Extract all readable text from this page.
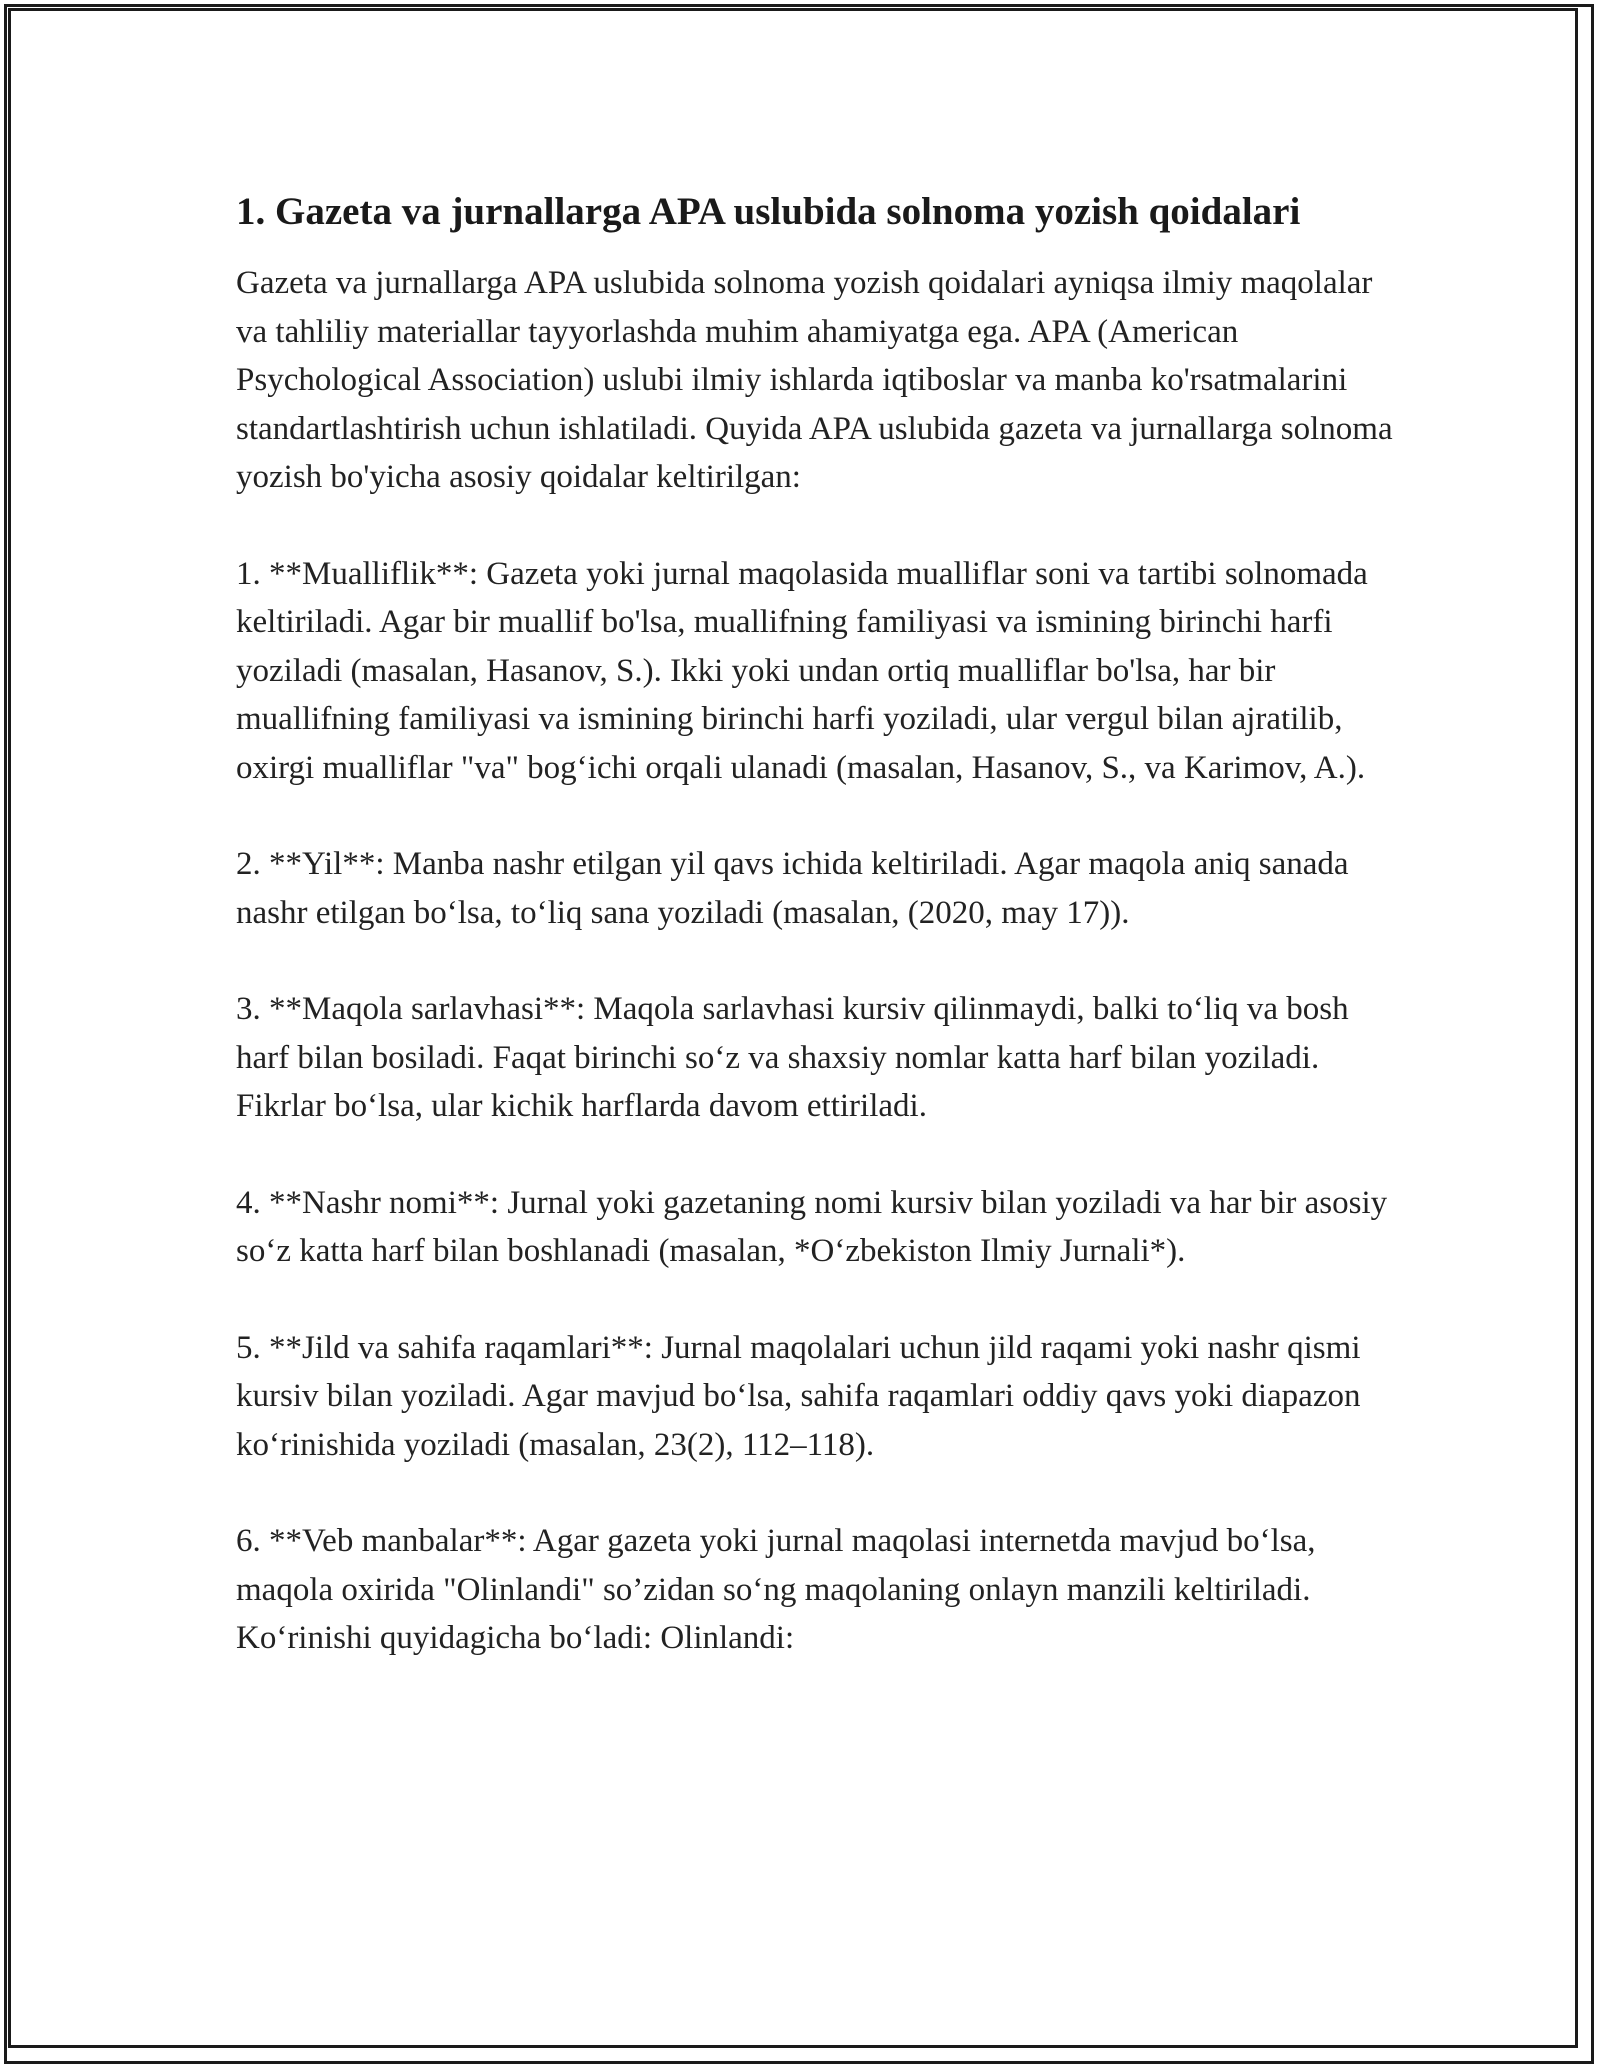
1. Gazeta va jurnallarga APA uslubida solnoma yozish qoidalari

Gazeta va jurnallarga APA uslubida solnoma yozish qoidalari ayniqsa ilmiy maqolalar va tahliliy materiallar tayyorlashda muhim ahamiyatga ega. APA (American Psychological Association) uslubi ilmiy ishlarda iqtiboslar va manba ko'rsatmalarini standartlashtirish uchun ishlatiladi. Quyida APA uslubida gazeta va jurnallarga solnoma yozish bo'yicha asosiy qoidalar keltirilgan:

1. **Mualliflik**: Gazeta yoki jurnal maqolasida mualliflar soni va tartibi solnomada keltiriladi. Agar bir muallif bo'lsa, muallifning familiyasi va ismining birinchi harfi yoziladi (masalan, Hasanov, S.). Ikki yoki undan ortiq mualliflar bo'lsa, har bir muallifning familiyasi va ismining birinchi harfi yoziladi, ular vergul bilan ajratilib, oxirgi mualliflar "va" bog‘ichi orqali ulanadi (masalan, Hasanov, S., va Karimov, A.).

2. **Yil**: Manba nashr etilgan yil qavs ichida keltiriladi. Agar maqola aniq sanada nashr etilgan bo‘lsa, to‘liq sana yoziladi (masalan, (2020, may 17)).

3. **Maqola sarlavhasi**: Maqola sarlavhasi kursiv qilinmaydi, balki to‘liq va bosh harf bilan bosiladi. Faqat birinchi so‘z va shaxsiy nomlar katta harf bilan yoziladi. Fikrlar bo‘lsa, ular kichik harflarda davom ettiriladi.

4. **Nashr nomi**: Jurnal yoki gazetaning nomi kursiv bilan yoziladi va har bir asosiy so‘z katta harf bilan boshlanadi (masalan, *O‘zbekiston Ilmiy Jurnali*).

5. **Jild va sahifa raqamlari**: Jurnal maqolalari uchun jild raqami yoki nashr qismi kursiv bilan yoziladi. Agar mavjud bo‘lsa, sahifa raqamlari oddiy qavs yoki diapazon ko‘rinishida yoziladi (masalan, 23(2), 112–118).

6. **Veb manbalar**: Agar gazeta yoki jurnal maqolasi internetda mavjud bo‘lsa, maqola oxirida "Olinlandi" so’zidan so‘ng maqolaning onlayn manzili keltiriladi. Ko‘rinishi quyidagicha bo‘ladi: Olinlandi:
